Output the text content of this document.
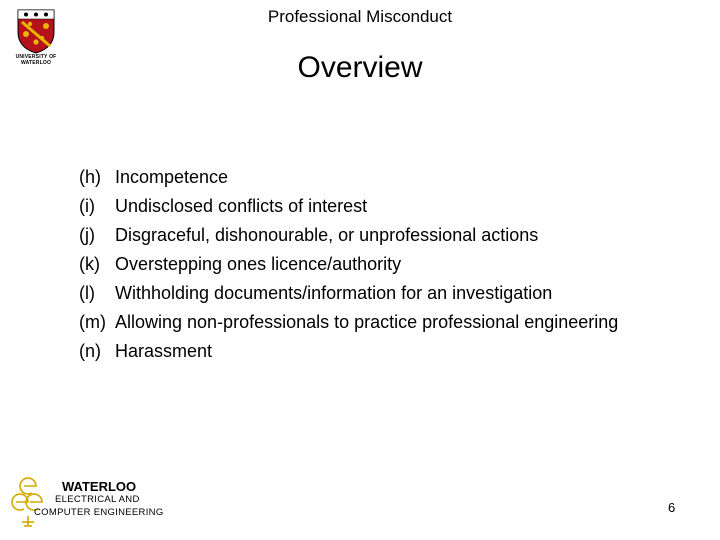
UNIVERSITY OF
WATERLOO
Professional Misconduct
Overview
(h) Incompetence
(i)	Undisclosed conflicts of interest
(j)	Disgraceful, dishonourable, or unprofessional actions
(k) Overstepping ones licence/authority
(l)	Withholding documents/information for an investigation
(m) Allowing non-professionals to practice professional engineering
(n) Harassment
WATERLOO
ELECTRICAL AND
COMPUTER ENGINEERING	6
